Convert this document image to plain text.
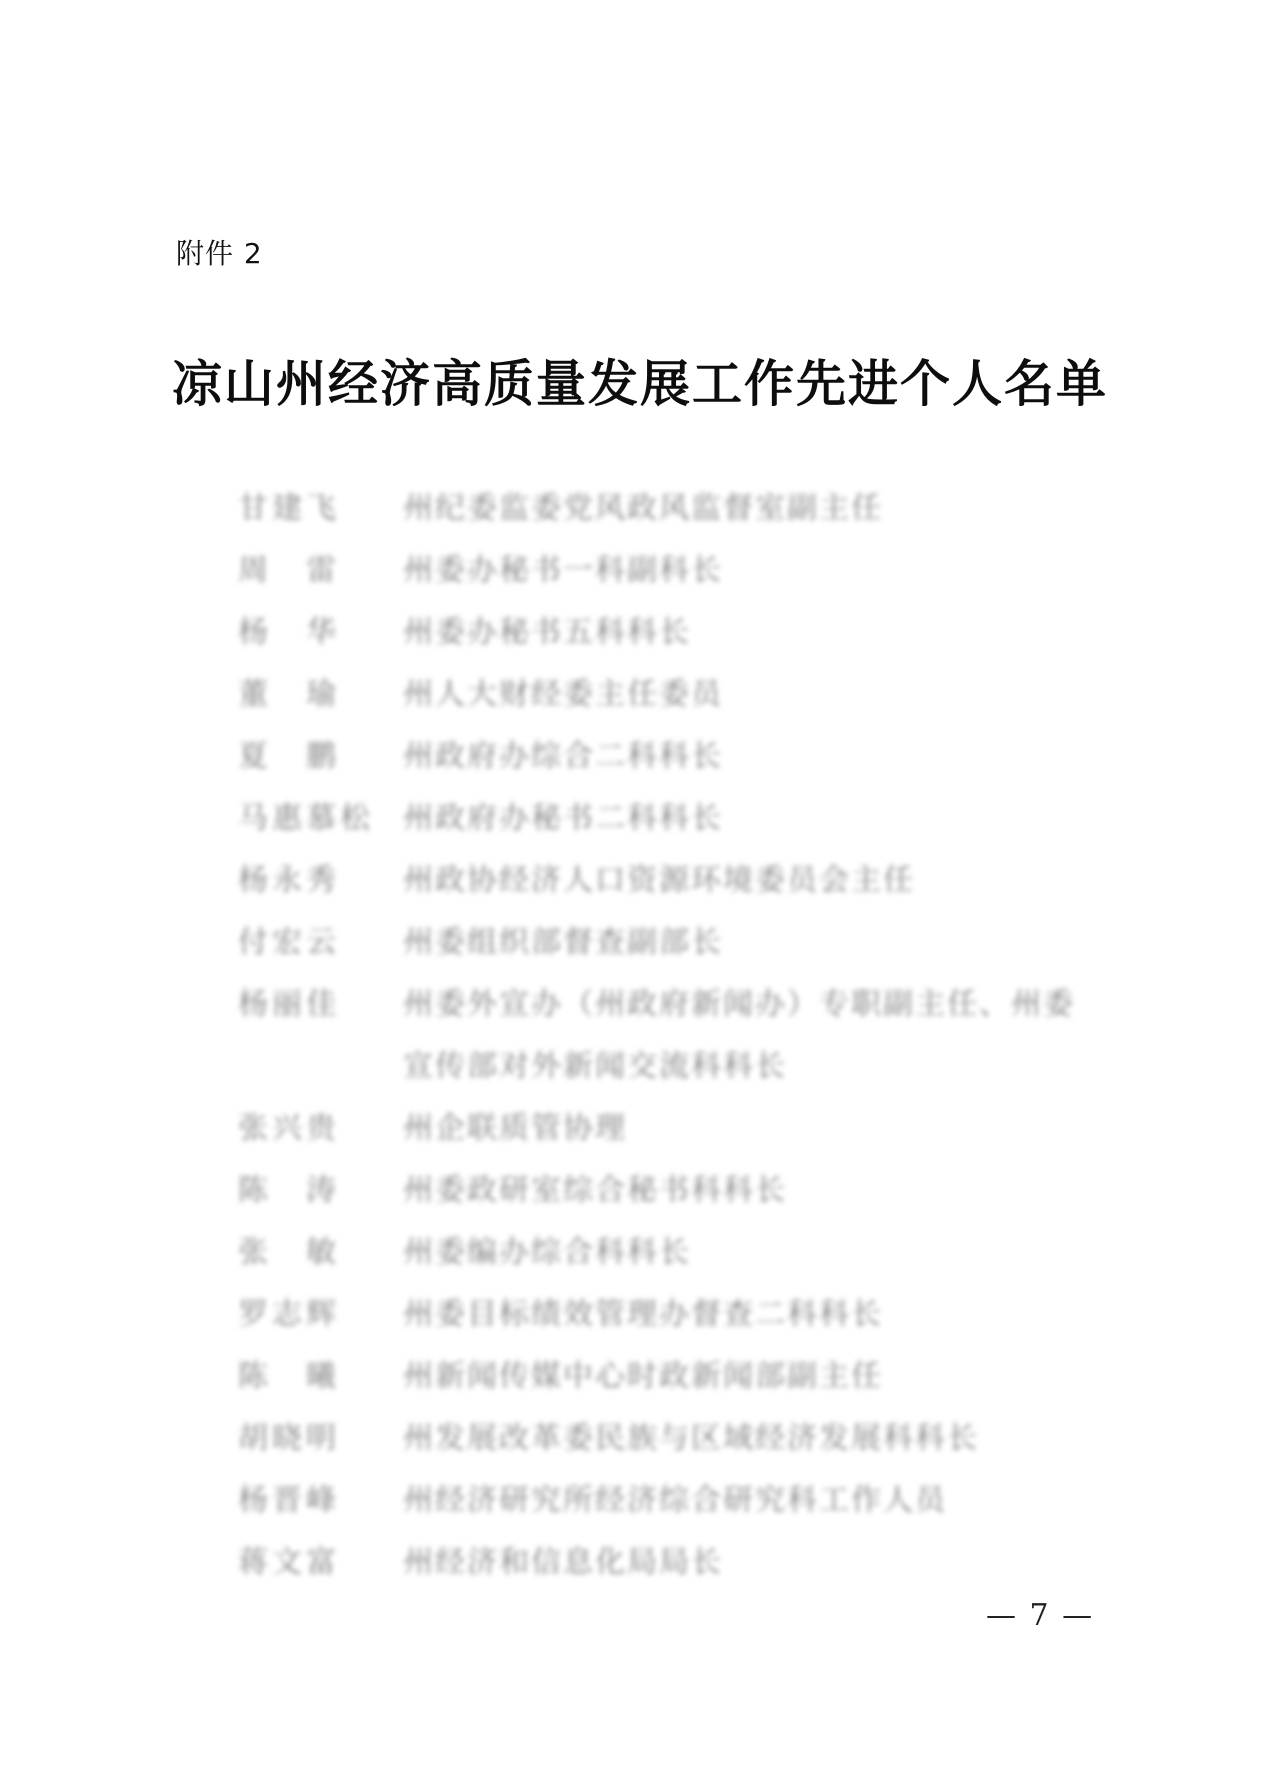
附件 2
凉山州经济高质量发展工作先进个人名单
甘建飞	州纪委监委党风政风监督室副主任
周　雷	州委办秘书一科副科长
杨　华	州委办秘书五科科长
董　瑜	州人大财经委主任委员
夏　鹏	州政府办综合二科科长
马惠慕松 州政府办秘书二科科长
杨永秀	州政协经济人口资源环境委员会主任
付宏云	州委组织部督查副部长
杨丽佳	州委外宣办（州政府新闻办）专职副主任、州委宣传部对外新闻交流科科长
张兴贵	州企联质管协理
陈　涛	州委政研室综合秘书科科长
张　敏	州委编办综合科科长
罗志辉	州委目标绩效管理办督查二科科长
陈　曦	州新闻传媒中心时政新闻部副主任
胡晓明	州发展改革委民族与区域经济发展科科长
杨晋峰	州经济研究所经济综合研究科工作人员
蒋文富	州经济和信息化局局长
— 7 —
